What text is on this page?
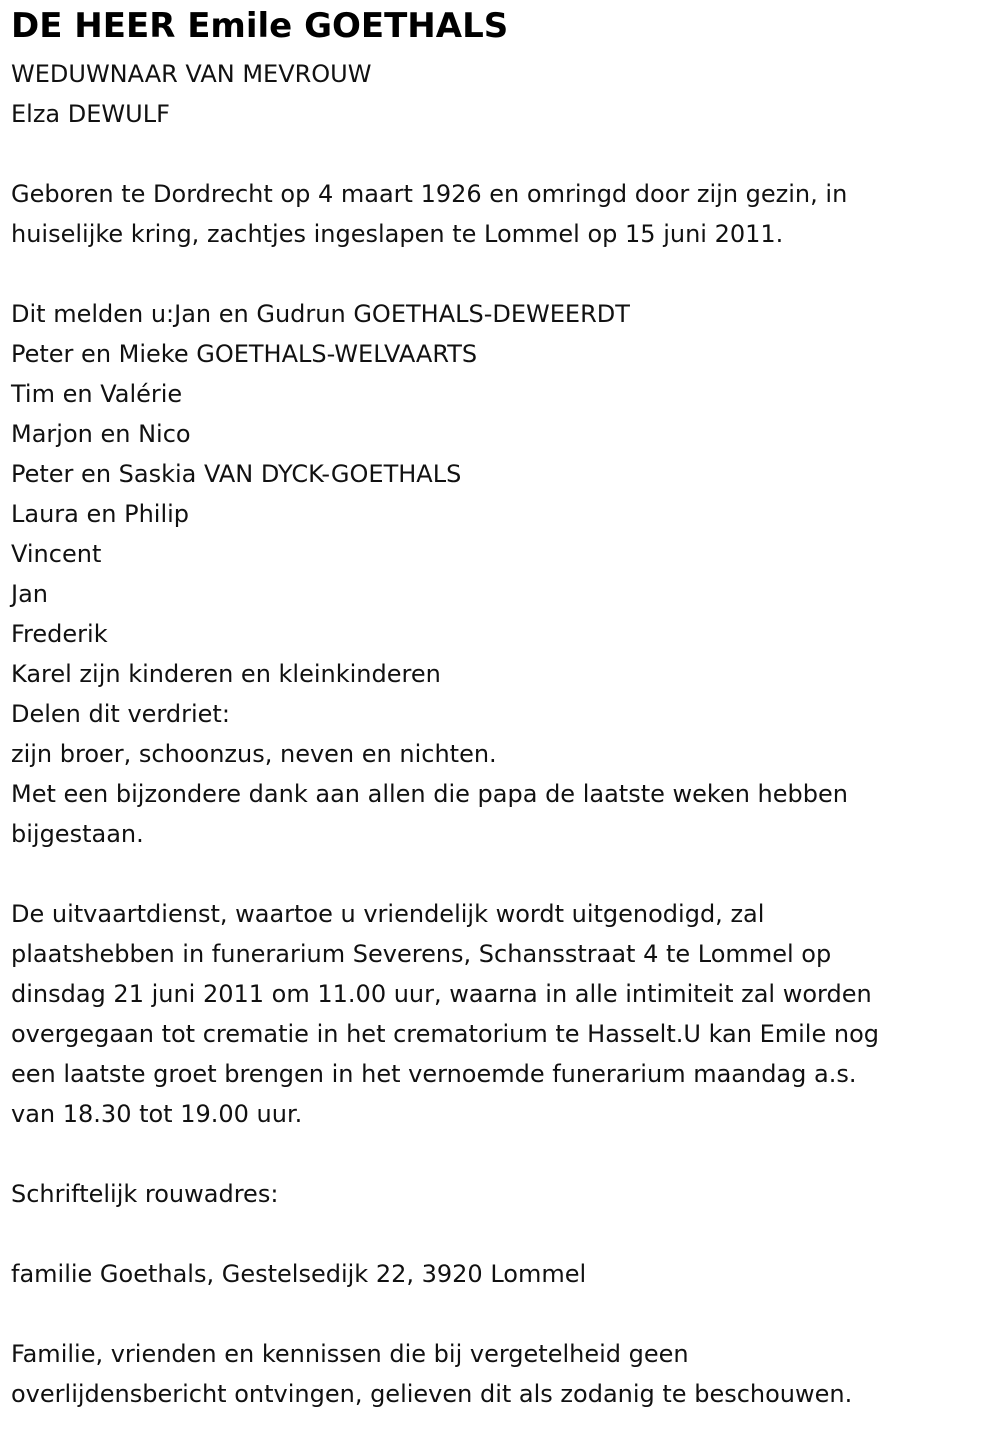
DE HEER Emile GOETHALS

WEDUWNAAR VAN MEVROUW

Elza DEWULF

Geboren te Dordrecht op 4 maart 1926 en omringd door zijn gezin, in

huiselijke kring, zachtjes ingeslapen te Lommel op 15 juni 2011.

Dit melden u:Jan en Gudrun GOETHALS-DEWEERDT

Peter en Mieke GOETHALS-WELVAARTS

Tim en Valérie

Marjon en Nico

Peter en Saskia VAN DYCK-GOETHALS

Laura en Philip

Vincent

Jan

Frederik

Karel zijn kinderen en kleinkinderen

Delen dit verdriet:

zijn broer, schoonzus, neven en nichten.

Met een bijzondere dank aan allen die papa de laatste weken hebben

bijgestaan.

De uitvaartdienst, waartoe u vriendelijk wordt uitgenodigd, zal

plaatshebben in funerarium Severens, Schansstraat 4 te Lommel op

dinsdag 21 juni 2011 om 11.00 uur, waarna in alle intimiteit zal worden

overgegaan tot crematie in het crematorium te Hasselt.U kan Emile nog

een laatste groet brengen in het vernoemde funerarium maandag a.s.

van 18.30 tot 19.00 uur.

Schriftelijk rouwadres:

familie Goethals, Gestelsedijk 22, 3920 Lommel

Familie, vrienden en kennissen die bij vergetelheid geen

overlijdensbericht ontvingen, gelieven dit als zodanig te beschouwen.
